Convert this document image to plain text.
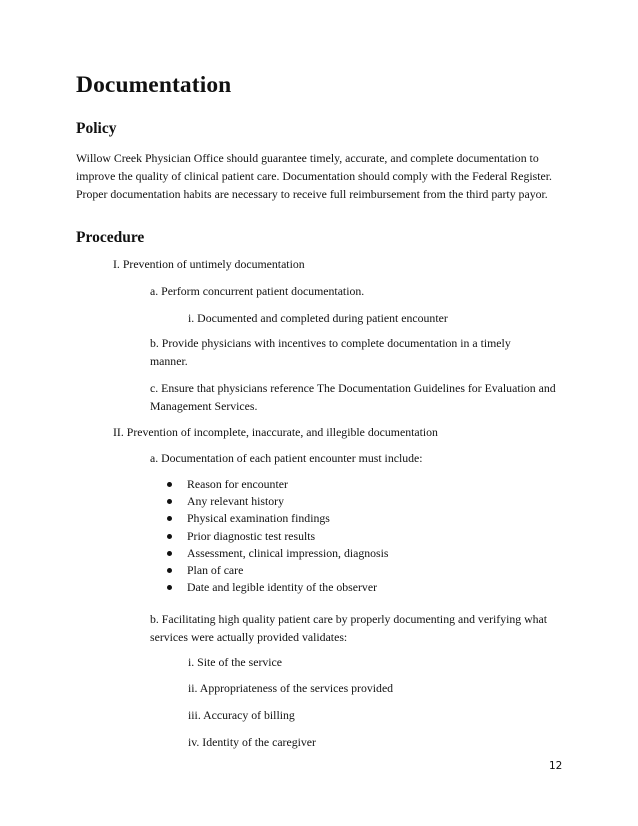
Documentation
Policy

Willow Creek Physician Office should guarantee timely, accurate, and complete documentation to improve the quality of clinical patient care. Documentation should comply with the Federal Register. Proper documentation habits are necessary to receive full reimbursement from the third party payor.

Procedure
I. Prevention of untimely documentation
a. Perform concurrent patient documentation.
i. Documented and completed during patient encounter

b. Provide physicians with incentives to complete documentation in a timely manner.

c. Ensure that physicians reference The Documentation Guidelines for Evaluation and Management Services.

II. Prevention of incomplete, inaccurate, and illegible documentation
a. Documentation of each patient encounter must include:
Reason for encounter
Any relevant history
Physical examination findings
Prior diagnostic test results
Assessment, clinical impression, diagnosis
Plan of care
Date and legible identity of the observer

b. Facilitating high quality patient care by properly documenting and verifying what services were actually provided validates:

i. Site of the service
ii. Appropriateness of the services provided
iii. Accuracy of billing
iv. Identity of the caregiver
12
